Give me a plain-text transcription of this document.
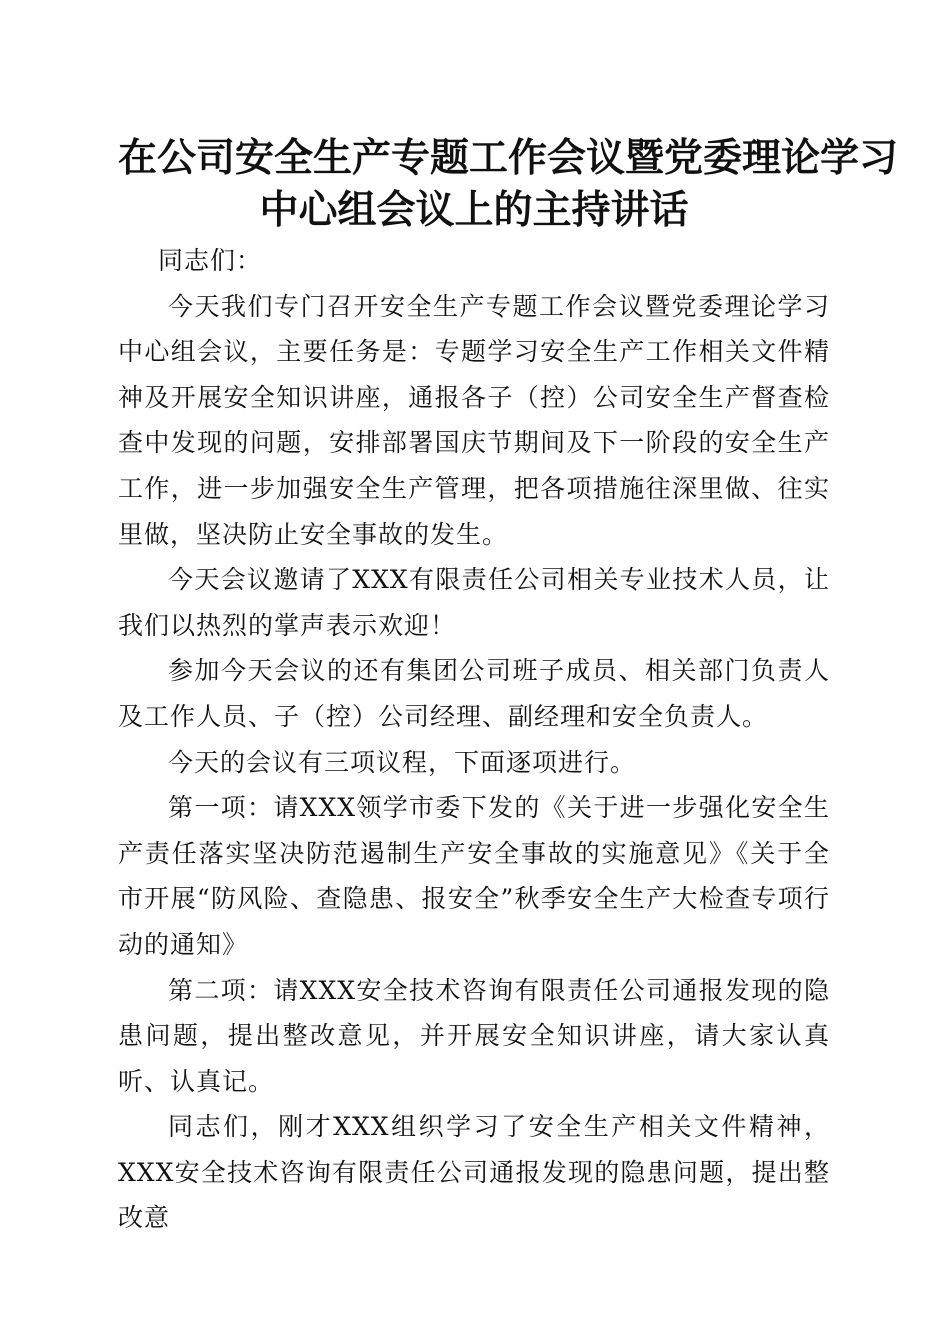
在公司安全生产专题工作会议暨党委理论学习
中心组会议上的主持讲话

同志们：

今天我们专门召开安全生产专题工作会议暨党委理论学习中心组会议，主要任务是：专题学习安全生产工作相关文件精神及开展安全知识讲座，通报各子（控）公司安全生产督查检查中发现的问题，安排部署国庆节期间及下一阶段的安全生产工作，进一步加强安全生产管理，把各项措施往深里做、往实里做，坚决防止安全事故的发生。

今天会议邀请了XXX有限责任公司相关专业技术人员，让我们以热烈的掌声表示欢迎！

参加今天会议的还有集团公司班子成员、相关部门负责人及工作人员、子（控）公司经理、副经理和安全负责人。

今天的会议有三项议程，下面逐项进行。

第一项：请XXX领学市委下发的《关于进一步强化安全生产责任落实坚决防范遏制生产安全事故的实施意见》《关于全市开展“防风险、查隐患、报安全”秋季安全生产大检查专项行动的通知》

第二项：请XXX安全技术咨询有限责任公司通报发现的隐患问题，提出整改意见，并开展安全知识讲座，请大家认真听、认真记。

同志们，刚才XXX组织学习了安全生产相关文件精神，XXX安全技术咨询有限责任公司通报发现的隐患问题，提出整改意
